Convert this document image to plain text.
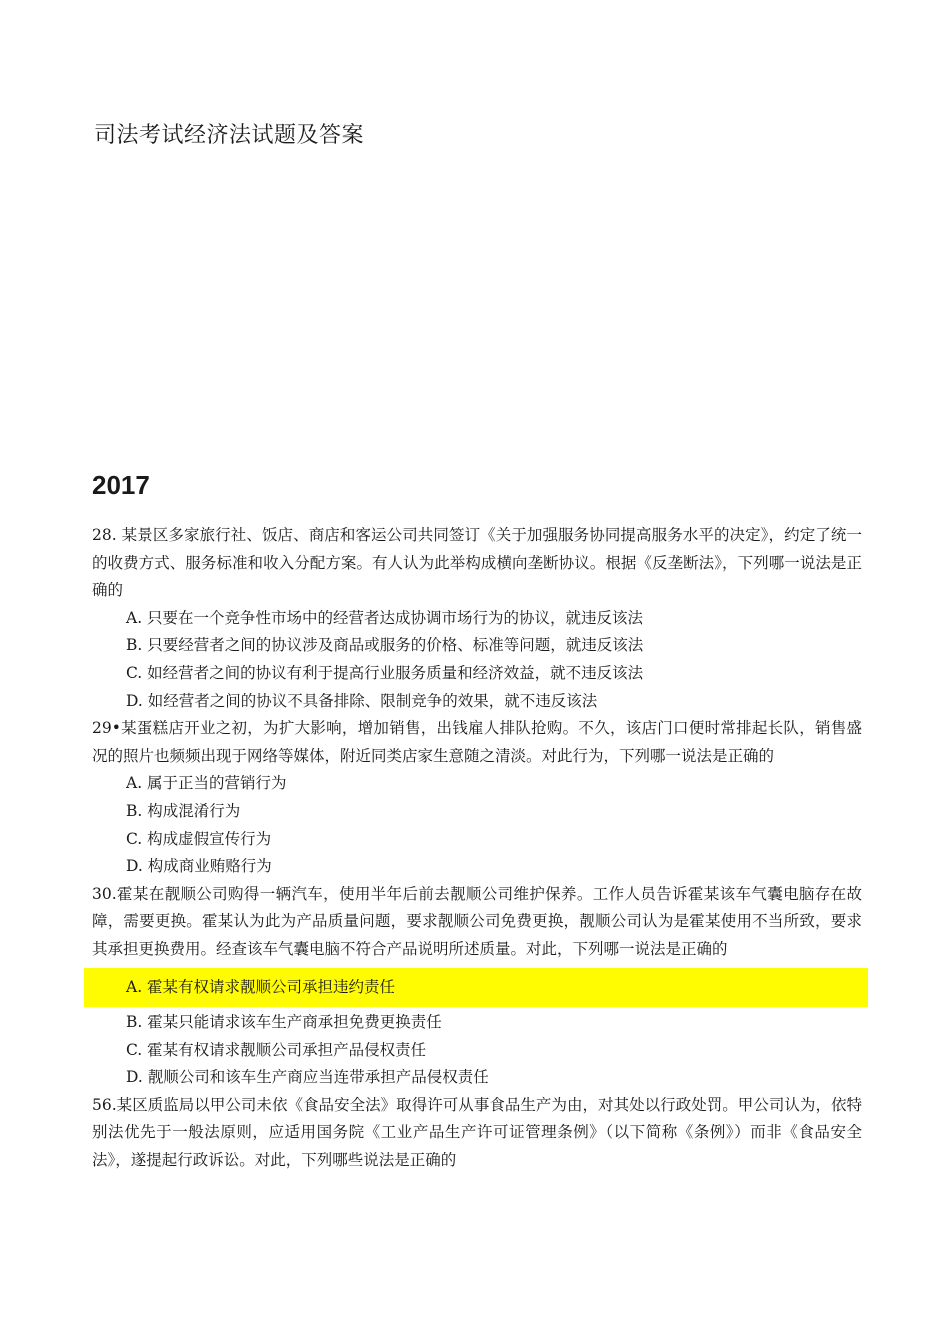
司法考试经济法试题及答案
2017

28. 某景区多家旅行社、饭店、商店和客运公司共同签订《关于加强服务协同提高服务水平的决定》，约定了统一的收费方式、服务标准和收入分配方案。有人认为此举构成横向垄断协议。根据《反垄断法》，下列哪一说法是正确的

A. 只要在一个竞争性市场中的经营者达成协调市场行为的协议，就违反该法

B. 只要经营者之间的协议涉及商品或服务的价格、标准等问题，就违反该法

C. 如经营者之间的协议有利于提高行业服务质量和经济效益，就不违反该法

D. 如经营者之间的协议不具备排除、限制竞争的效果，就不违反该法

29•某蛋糕店开业之初，为扩大影响，增加销售，出钱雇人排队抢购。不久，该店门口便时常排起长队，销售盛况的照片也频频出现于网络等媒体，附近同类店家生意随之清淡。对此行为，下列哪一说法是正确的

A. 属于正当的营销行为

B. 构成混淆行为

C. 构成虚假宣传行为

D. 构成商业贿赂行为

30.霍某在靓顺公司购得一辆汽车，使用半年后前去靓顺公司维护保养。工作人员告诉霍某该车气囊电脑存在故障，需要更换。霍某认为此为产品质量问题，要求靓顺公司免费更换，靓顺公司认为是霍某使用不当所致，要求其承担更换费用。经查该车气囊电脑不符合产品说明所述质量。对此，下列哪一说法是正确的

A. 霍某有权请求靓顺公司承担违约责任

B. 霍某只能请求该车生产商承担免费更换责任

C. 霍某有权请求靓顺公司承担产品侵权责任

D. 靓顺公司和该车生产商应当连带承担产品侵权责任

56.某区质监局以甲公司未依《食品安全法》取得许可从事食品生产为由，对其处以行政处罚。甲公司认为，依特别法优先于一般法原则，应适用国务院《工业产品生产许可证管理条例》（以下简称《条例》）而非《食品安全法》，遂提起行政诉讼。对此，下列哪些说法是正确的
